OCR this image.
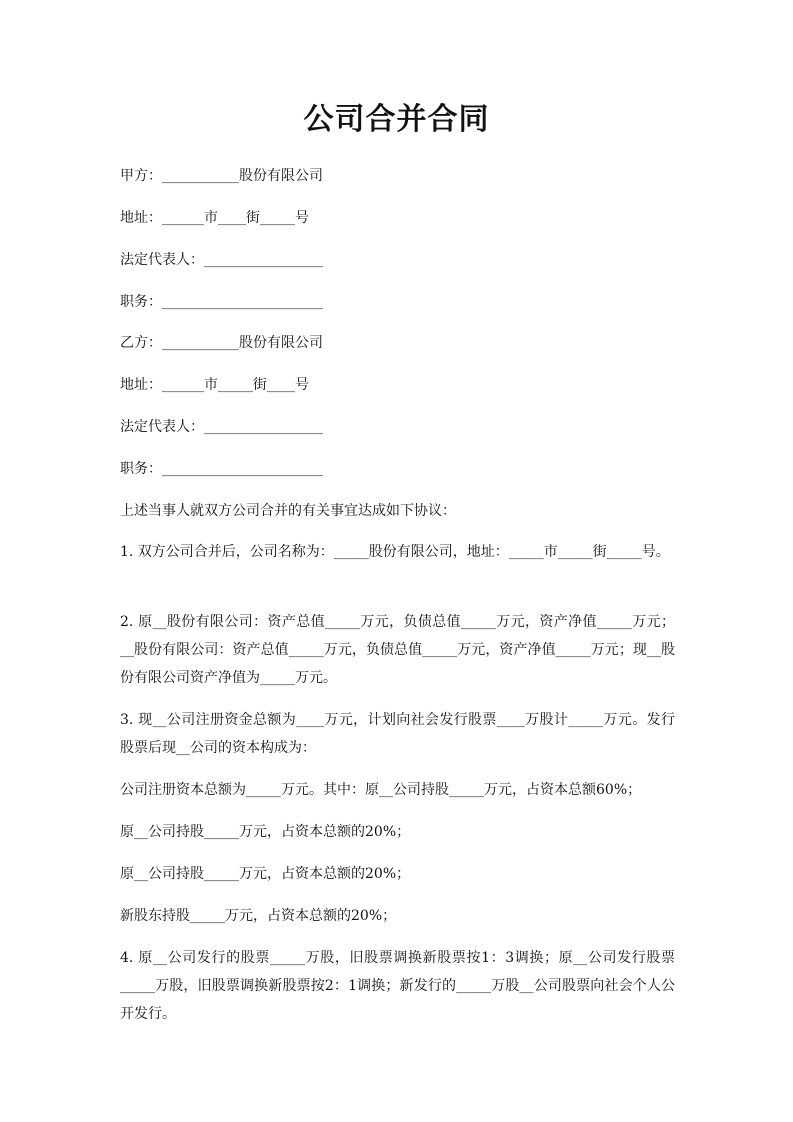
公司合并合同
甲方：___________股份有限公司
地址：______市____街_____号
法定代表人：_________________
职务：_______________________
乙方：___________股份有限公司
地址：______市_____街____号
法定代表人：_________________
职务：_______________________
上述当事人就双方公司合并的有关事宜达成如下协议：
1. 双方公司合并后，公司名称为：_____股份有限公司，地址：_____市_____街_____号。
2. 原__股份有限公司：资产总值_____万元，负债总值_____万元，资产净值_____万元；__股份有限公司：资产总值_____万元，负债总值_____万元，资产净值_____万元；现__股份有限公司资产净值为_____万元。
3. 现__公司注册资金总额为____万元，计划向社会发行股票____万股计_____万元。发行股票后现__公司的资本构成为：
公司注册资本总额为_____万元。其中：原__公司持股_____万元，占资本总额60%；
原__公司持股_____万元，占资本总额的20%；
原__公司持股_____万元，占资本总额的20%；
新股东持股_____万元，占资本总额的20%；
4. 原__公司发行的股票_____万股，旧股票调换新股票按1：3调换；原__公司发行股票_____万股，旧股票调换新股票按2：1调换；新发行的_____万股__公司股票向社会个人公开发行。
